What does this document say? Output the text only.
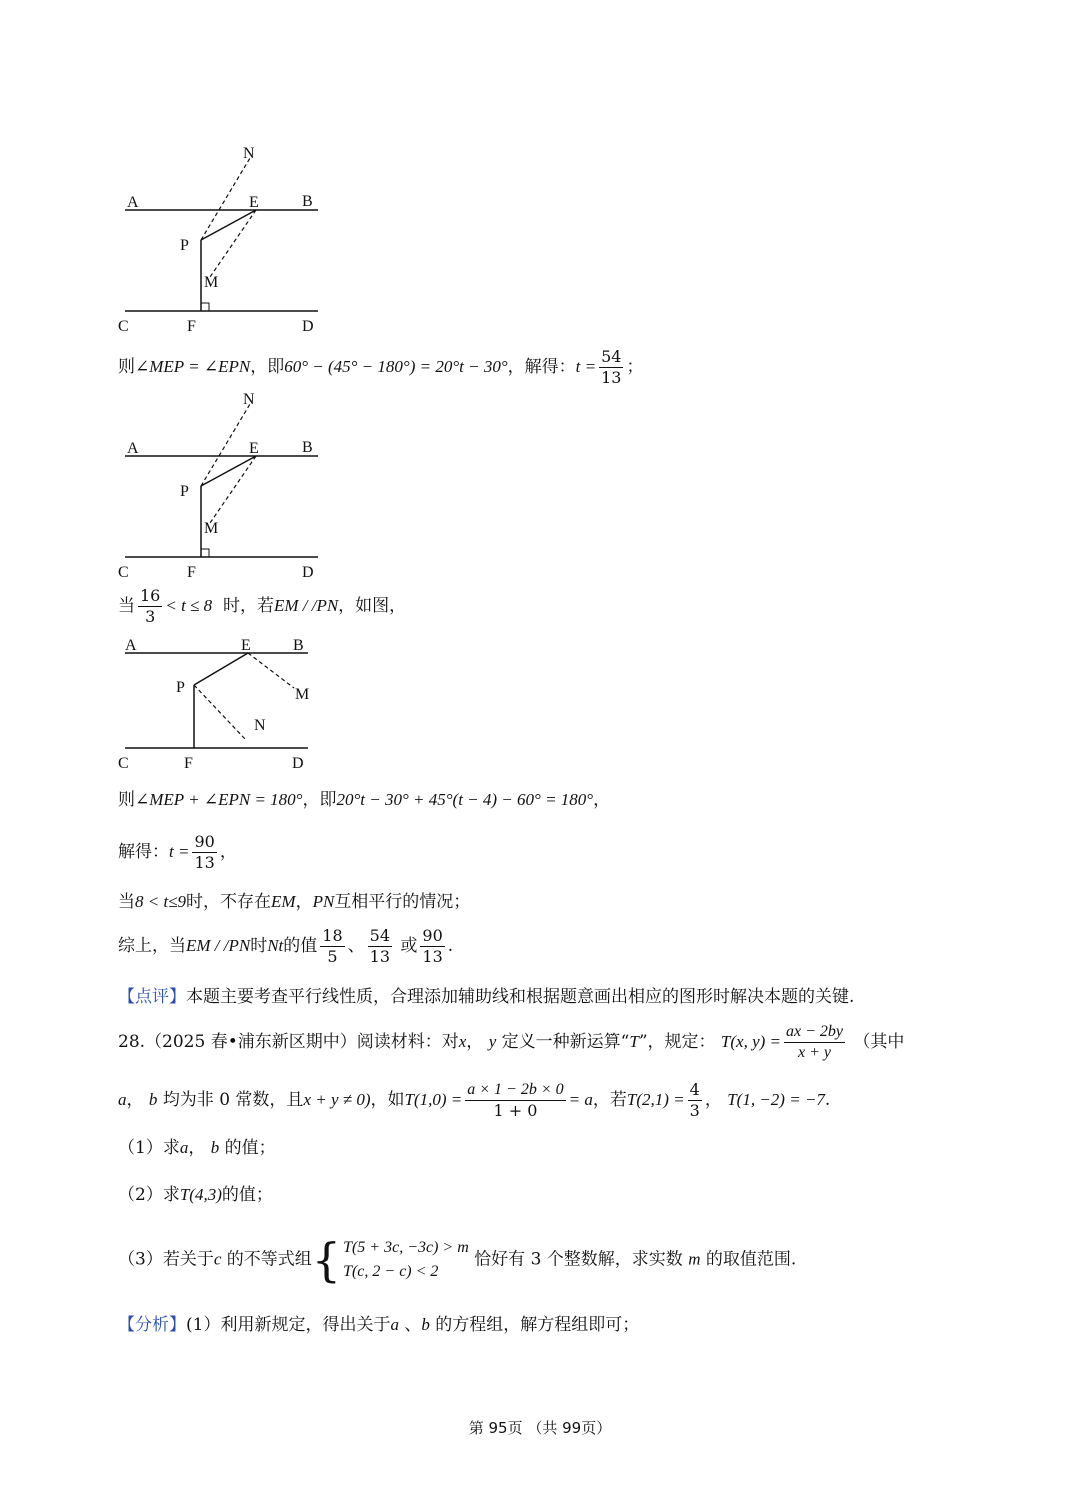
N
A	E	B
P
M
C	F	D
则∠MEP = ∠EPN，即60° − (45° − 180°) = 20°t − 30°，解得：$t = \frac{54}{13}$ ；
N
A	E	B
P
M
C	F	D
当 $\frac{16}{3} < t \le 8$ 时，若EM / /PN，如图，
A	E	B
P	M
N
C	F	D
则∠MEP + ∠EPN = 180°，即20°t − 30° + 45°(t − 4) − 60° = 180°，
解得：$t = \frac{90}{13}$ ，
当8 < t≤9时，不存在EM，PN互相平行的情况；
综上，当EM / /PN时Nt的值 $\frac{18}{5}$ 、 $\frac{54}{13}$ 或 $\frac{90}{13}$ .
【点评】本题主要考查平行线性质，合理添加辅助线和根据题意画出相应的图形时解决本题的关键.
28.（2025 春•浦东新区期中）阅读材料：对x， y 定义一种新运算“T”，规定： T(x, $y) = \frac{ax - 2by}{x + y}$ （其中
a， b 均为非 0 常数，且x + y ≠ 0)，如$T(1,0) = \frac{a \times 1 - 2b \times 0}{1 + 0} = a$，若$T(2,1) = \frac{4}{3}$ ， T(1, −2) = −7.
（1）求a， b 的值；
（2）求T(4,3)的值；
（3）若关于c 的不等式组{ T(5 + 3c, −3c) > m
T(c, 2 − c) < 2
恰好有 3 个整数解，求实数 m 的取值范围.
【分析】(1）利用新规定，得出关于a 、b 的方程组，解方程组即可；
第 95页 （共 99页）
